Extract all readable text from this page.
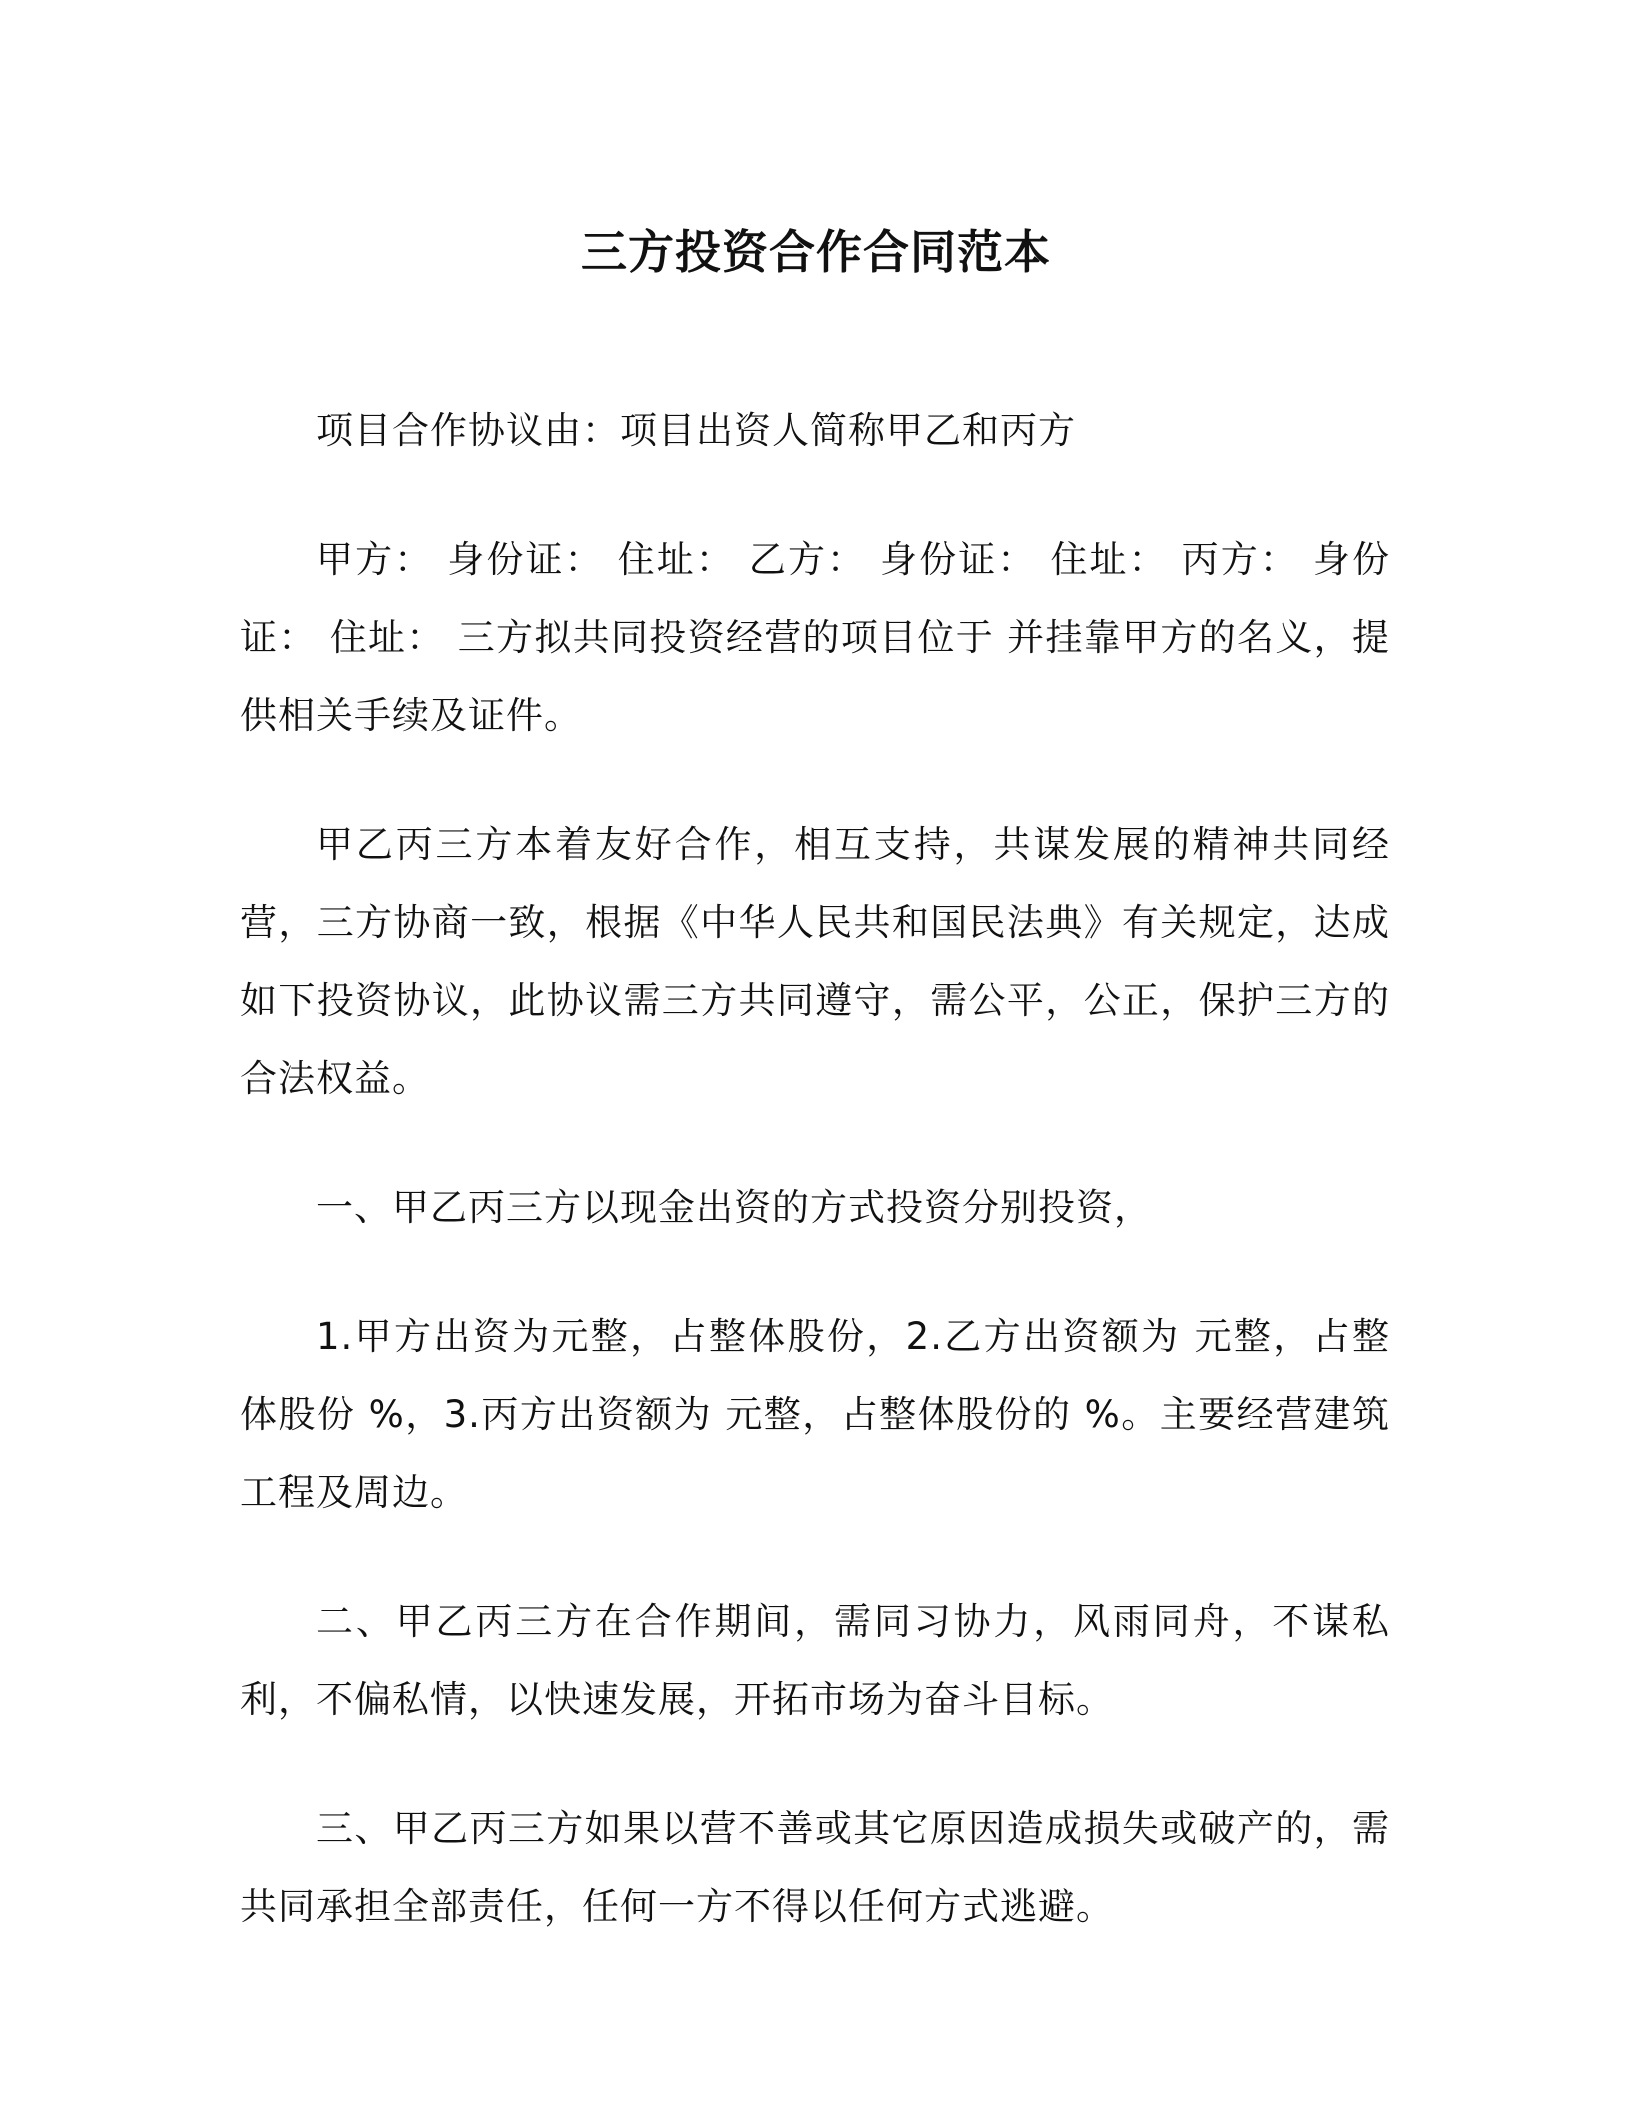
三方投资合作合同范本

项目合作协议由：项目出资人简称甲乙和丙方

甲方： 身份证： 住址： 乙方： 身份证： 住址： 丙方： 身份证： 住址： 三方拟共同投资经营的项目位于 并挂靠甲方的名义，提供相关手续及证件。

甲乙丙三方本着友好合作，相互支持，共谋发展的精神共同经营，三方协商一致，根据《中华人民共和国民法典》有关规定，达成如下投资协议，此协议需三方共同遵守，需公平，公正，保护三方的合法权益。

一、甲乙丙三方以现金出资的方式投资分别投资，

1.甲方出资为元整，占整体股份，2.乙方出资额为 元整，占整体股份 %，3.丙方出资额为 元整，占整体股份的 %。主要经营建筑工程及周边。

二、甲乙丙三方在合作期间，需同习协力，风雨同舟，不谋私利，不偏私情，以快速发展，开拓市场为奋斗目标。

三、甲乙丙三方如果以营不善或其它原因造成损失或破产的，需共同承担全部责任，任何一方不得以任何方式逃避。
